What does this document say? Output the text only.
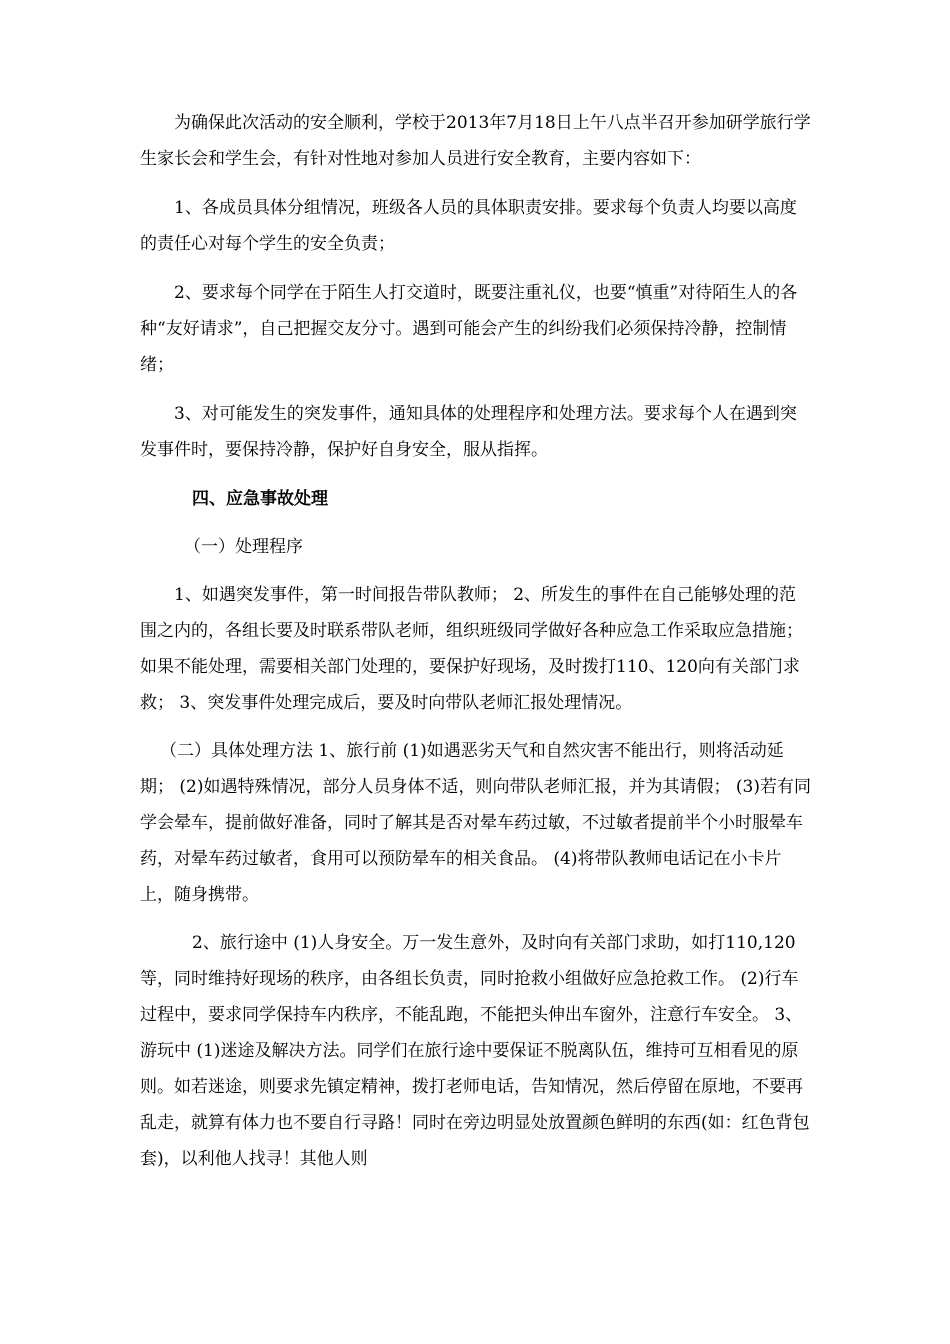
为确保此次活动的安全顺利，学校于2013年7月18日上午八点半召开参加研学旅行学生家长会和学生会，有针对性地对参加人员进行安全教育，主要内容如下：

1、各成员具体分组情况，班级各人员的具体职责安排。要求每个负责人均要以高度的责任心对每个学生的安全负责；

2、要求每个同学在于陌生人打交道时，既要注重礼仪，也要“慎重”对待陌生人的各种“友好请求”，自己把握交友分寸。遇到可能会产生的纠纷我们必须保持冷静，控制情绪；

3、对可能发生的突发事件，通知具体的处理程序和处理方法。要求每个人在遇到突发事件时，要保持冷静，保护好自身安全，服从指挥。

四、应急事故处理

（一）处理程序

1、如遇突发事件，第一时间报告带队教师； 2、所发生的事件在自己能够处理的范围之内的，各组长要及时联系带队老师，组织班级同学做好各种应急工作采取应急措施；如果不能处理，需要相关部门处理的，要保护好现场，及时拨打110、120向有关部门求救； 3、突发事件处理完成后，要及时向带队老师汇报处理情况。

（二）具体处理方法 1、旅行前 (1)如遇恶劣天气和自然灾害不能出行，则将活动延期； (2)如遇特殊情况，部分人员身体不适，则向带队老师汇报，并为其请假； (3)若有同学会晕车，提前做好准备，同时了解其是否对晕车药过敏，不过敏者提前半个小时服晕车药，对晕车药过敏者，食用可以预防晕车的相关食品。 (4)将带队教师电话记在小卡片上，随身携带。

2、旅行途中 (1)人身安全。万一发生意外，及时向有关部门求助，如打110,120等，同时维持好现场的秩序，由各组长负责，同时抢救小组做好应急抢救工作。 (2)行车过程中，要求同学保持车内秩序，不能乱跑，不能把头伸出车窗外，注意行车安全。 3、游玩中 (1)迷途及解决方法。同学们在旅行途中要保证不脱离队伍，维持可互相看见的原则。如若迷途，则要求先镇定精神，拨打老师电话，告知情况，然后停留在原地，不要再乱走，就算有体力也不要自行寻路！同时在旁边明显处放置颜色鲜明的东西(如：红色背包套)，以利他人找寻！其他人则
